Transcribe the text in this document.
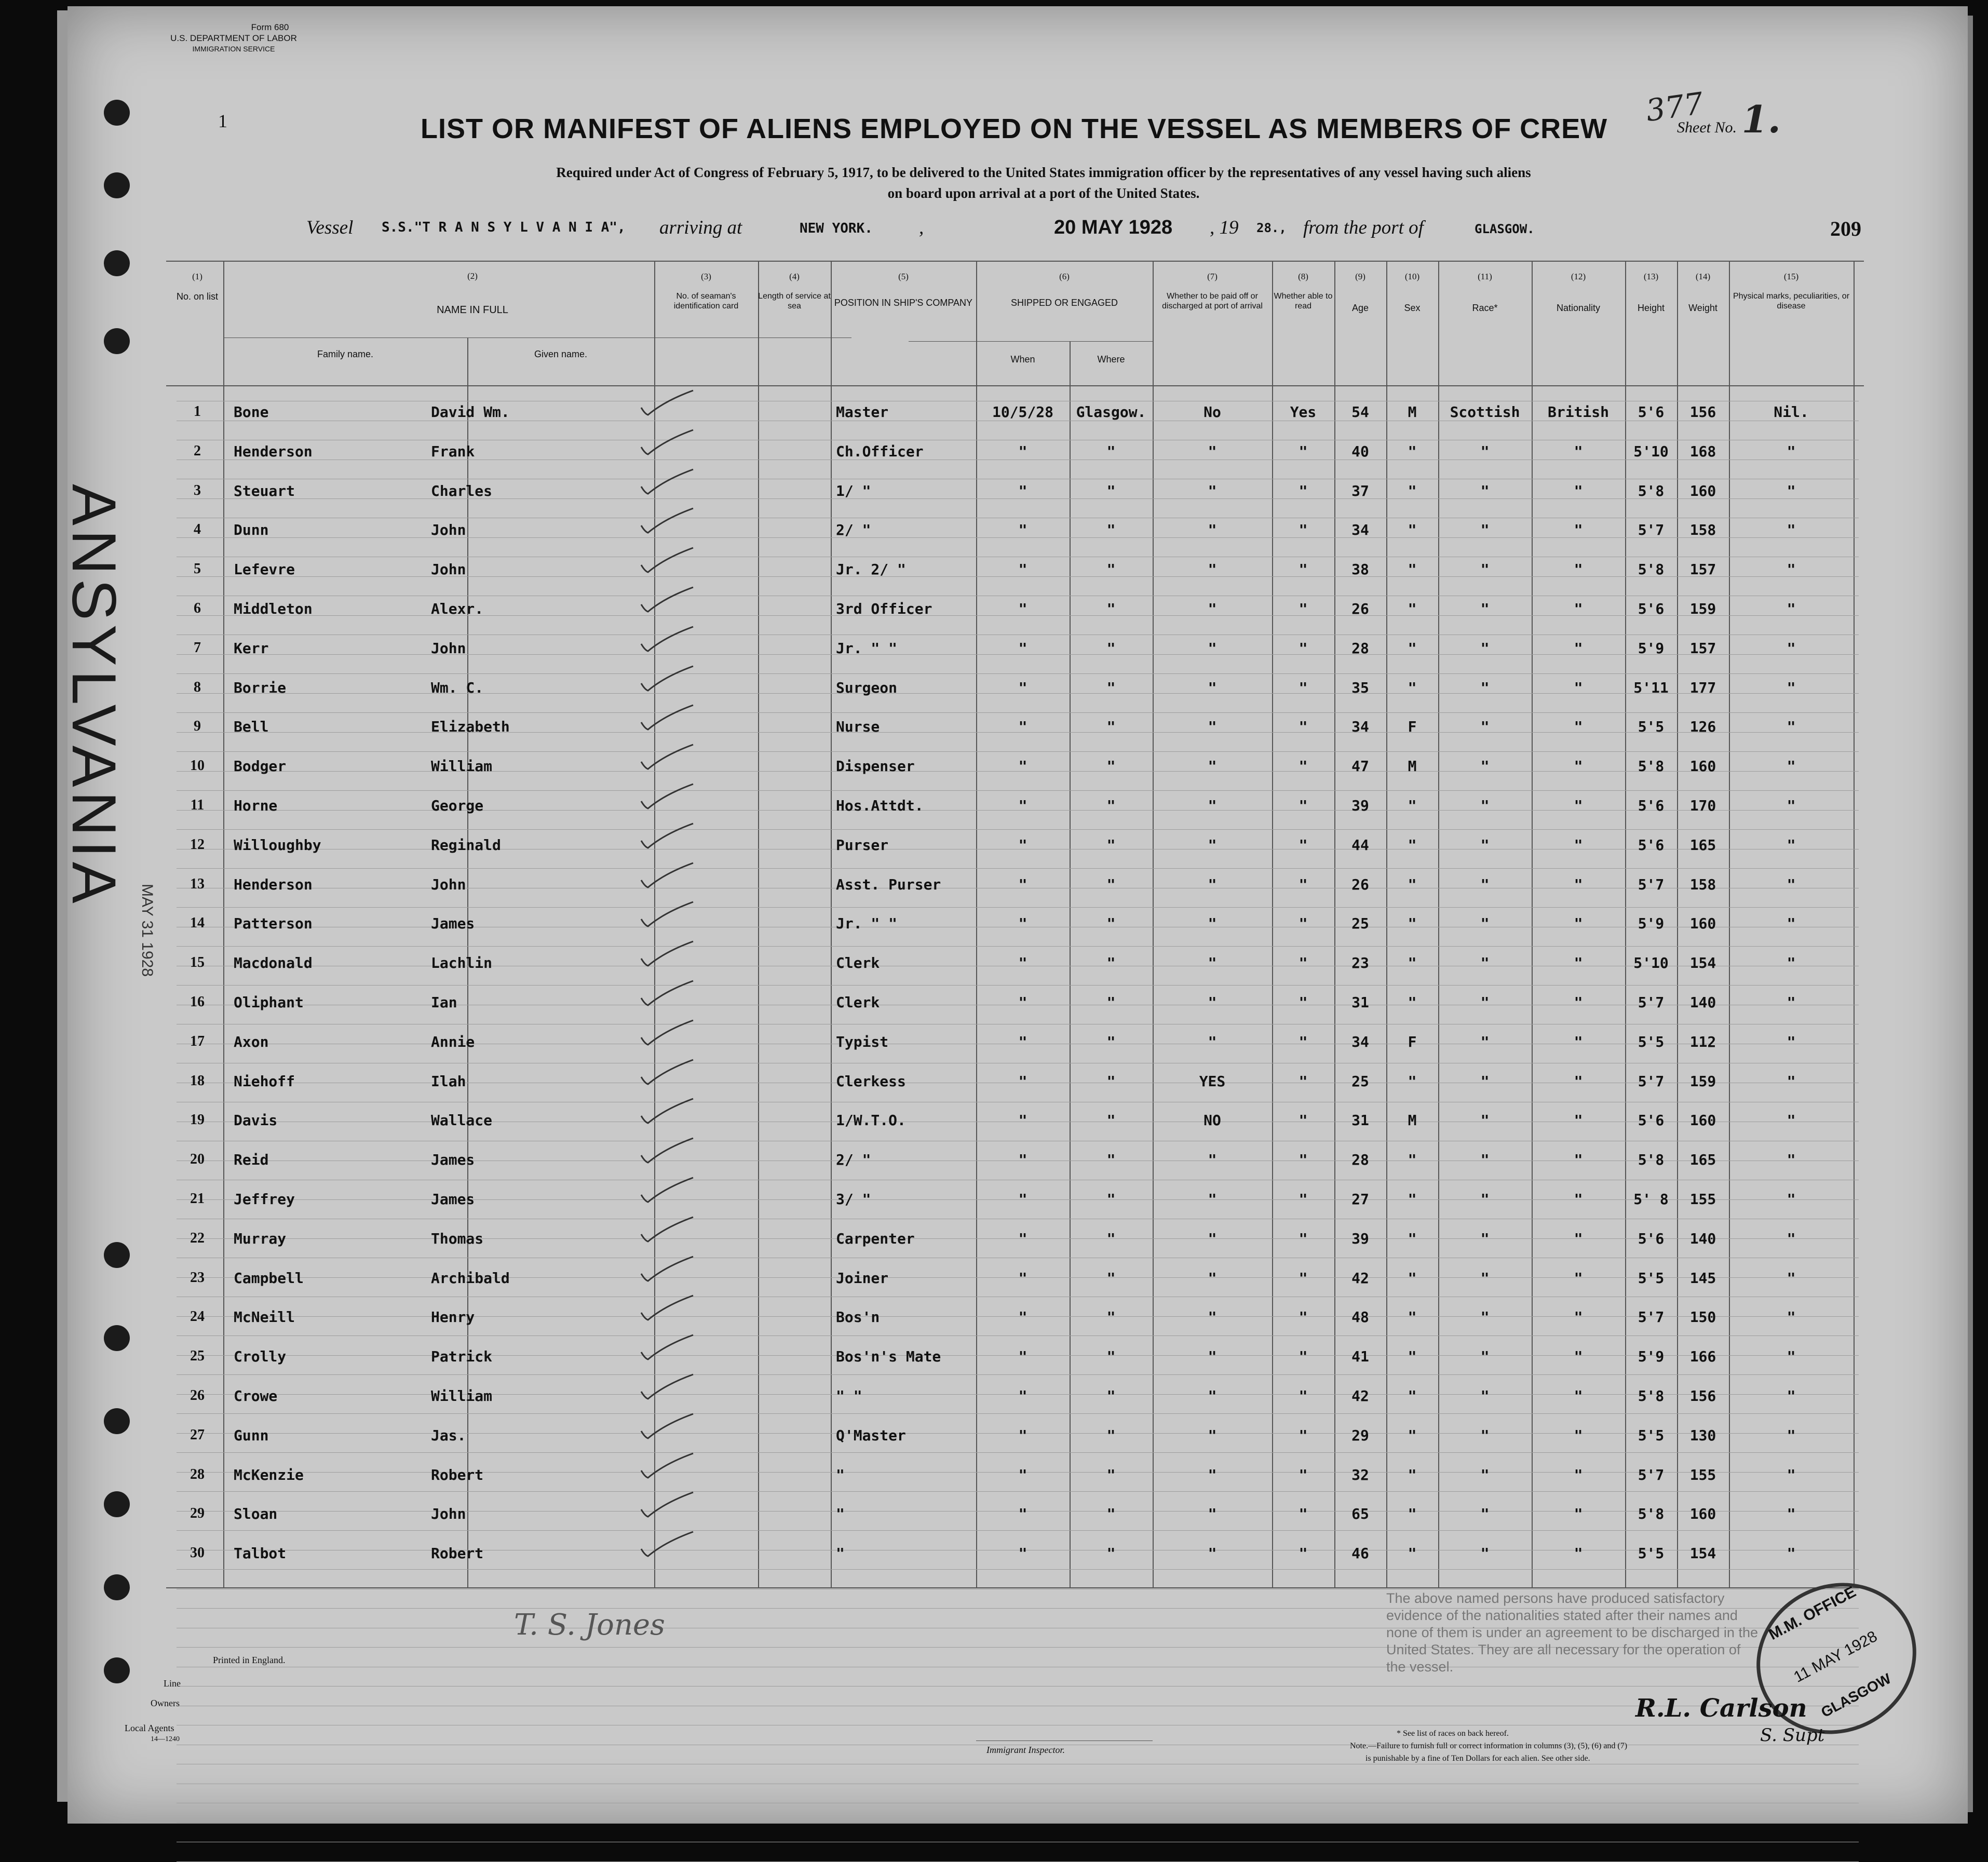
Form 680
U.S. DEPARTMENT OF LABOR
IMMIGRATION SERVICE
1	377
Sheet No. 1.
LIST OR MANIFEST OF ALIENS EMPLOYED ON THE VESSEL AS MEMBERS OF CREW
Required under Act of Congress of February 5, 1917, to be delivered to the United States immigration officer by the representatives of any vessel having such aliens
on board upon arrival at a port of the United States.
Vessel S.S."T R A N S Y L V A N I A", arriving at	NEW YORK. ,	20 MAY 1928 , 19 28., from the port of	GLASGOW.	209
(1)
No. on list
(2)
NAME IN FULL
Family name.	Given name.
(3)
No. of seaman's identification card
(4)
Length of service at sea
(5)
POSITION IN SHIP'S COMPANY
(6)
SHIPPED OR ENGAGED
When	Where
(7)
Whether to be paid off or discharged at port of arrival
(8)
Whether able to read
(9)
Age
(10)
Sex
(11)
Race*
(12)
Nationality
(13)
Height
(14)
Weight
(15)
Physical marks, peculiarities, or disease
1	Bone	David Wm.	Master	10/5/28	Glasgow.	No	Yes	54	M	Scottish	British	5'6	156	Nil.
2	Henderson	Frank	Ch.Officer	"	"	"	"	40	"	"	"	5'10	168	"
3	Steuart	Charles	1/ "	"	"	"	"	37	"	"	"	5'8	160	"
4	Dunn	John	2/ "	"	"	"	"	34	"	"	"	5'7	158	"
5	Lefevre	John	Jr. 2/ "	"	"	"	"	38	"	"	"	5'8	157	"
6	Middleton	Alexr.	3rd Officer	"	"	"	"	26	"	"	"	5'6	159	"
7	Kerr	John	Jr. " "	"	"	"	"	28	"	"	"	5'9	157	"
8	Borrie	Wm. C.	Surgeon	"	"	"	"	35	"	"	"	5'11	177	"
9	Bell	Elizabeth	Nurse	"	"	"	"	34	F	"	"	5'5	126	"
10	Bodger	William	Dispenser	"	"	"	"	47	M	"	"	5'8	160	"
11	Horne	George	Hos.Attdt.	"	"	"	"	39	"	"	"	5'6	170	"
12	Willoughby	Reginald	Purser	"	"	"	"	44	"	"	"	5'6	165	"
13	Henderson	John	Asst. Purser	"	"	"	"	26	"	"	"	5'7	158	"
14	Patterson	James	Jr. " "	"	"	"	"	25	"	"	"	5'9	160	"
15	Macdonald	Lachlin	Clerk	"	"	"	"	23	"	"	"	5'10	154	"
16	Oliphant	Ian	Clerk	"	"	"	"	31	"	"	"	5'7	140	"
17	Axon	Annie	Typist	"	"	"	"	34	F	"	"	5'5	112	"
18	Niehoff	Ilah	Clerkess	"	"	YES	"	25	"	"	"	5'7	159	"
19	Davis	Wallace	1/W.T.O.	"	"	NO	"	31	M	"	"	5'6	160	"
20	Reid	James	2/ "	"	"	"	"	28	"	"	"	5'8	165	"
21	Jeffrey	James	3/ "	"	"	"	"	27	"	"	"	5' 8	155	"
22	Murray	Thomas	Carpenter	"	"	"	"	39	"	"	"	5'6	140	"
23	Campbell	Archibald	Joiner	"	"	"	"	42	"	"	"	5'5	145	"
24	McNeill	Henry	Bos'n	"	"	"	"	48	"	"	"	5'7	150	"
25	Crolly	Patrick	Bos'n's Mate	"	"	"	"	41	"	"	"	5'9	166	"
26	Crowe	William	" "	"	"	"	"	42	"	"	"	5'8	156	"
27	Gunn	Jas.	Q'Master	"	"	"	"	29	"	"	"	5'5	130	"
28	McKenzie	Robert	"	"	"	"	"	32	"	"	"	5'7	155	"
29	Sloan	John	"	"	"	"	"	65	"	"	"	5'8	160	"
30	Talbot	Robert	"	"	"	"	"	46	"	"	"	5'5	154	"
ANSYLVANIA
MAY 31 1928
Printed in England.
Line
Owners
Local Agents
14—1240
Immigrant Inspector.
* See list of races on back hereof.
Note.—Failure to furnish full or correct information in columns (3), (5), (6) and (7)
is punishable by a fine of Ten Dollars for each alien. See other side.
The above named persons have produced satisfactory evidence of the nationalities stated after their names and none of them is under an agreement to be discharged in the United States. They are all necessary for the operation of the vessel.
M.M. OFFICE
11 MAY 1928
GLASGOW
R.L. Carlson
S. Supt
T. S. Jones
